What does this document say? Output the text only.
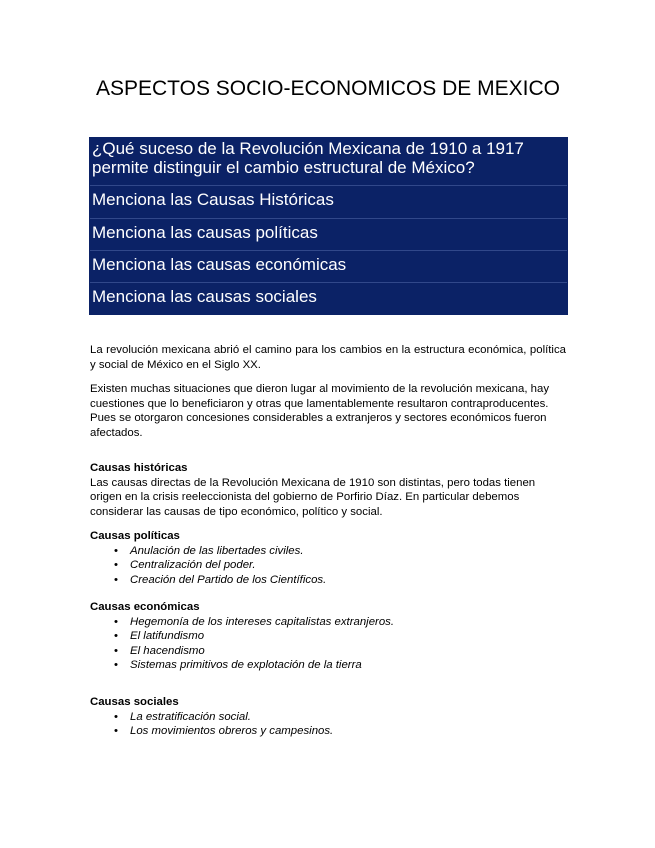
ASPECTOS SOCIO-ECONOMICOS DE MEXICO
¿Qué suceso de la Revolución Mexicana de 1910 a 1917 permite distinguir el cambio estructural de México?
Menciona las Causas Históricas
Menciona las causas políticas
Menciona las causas económicas
Menciona las causas sociales

La revolución mexicana abrió el camino para los cambios en la estructura económica, política y social de México en el Siglo XX.

Existen muchas situaciones que dieron lugar al movimiento de la revolución mexicana, hay cuestiones que lo beneficiaron y otras que lamentablemente resultaron contraproducentes. Pues se otorgaron concesiones considerables a extranjeros y sectores económicos fueron afectados.

Causas históricas

Las causas directas de la Revolución Mexicana de 1910 son distintas, pero todas tienen origen en la crisis reeleccionista del gobierno de Porfirio Díaz. En particular debemos considerar las causas de tipo económico, político y social.

Causas políticas
• Anulación de las libertades civiles.
• Centralización del poder.
• Creación del Partido de los Científicos.
Causas económicas
• Hegemonía de los intereses capitalistas extranjeros.
• El latifundismo
• El hacendismo
• Sistemas primitivos de explotación de la tierra
Causas sociales
• La estratificación social.
• Los movimientos obreros y campesinos.
